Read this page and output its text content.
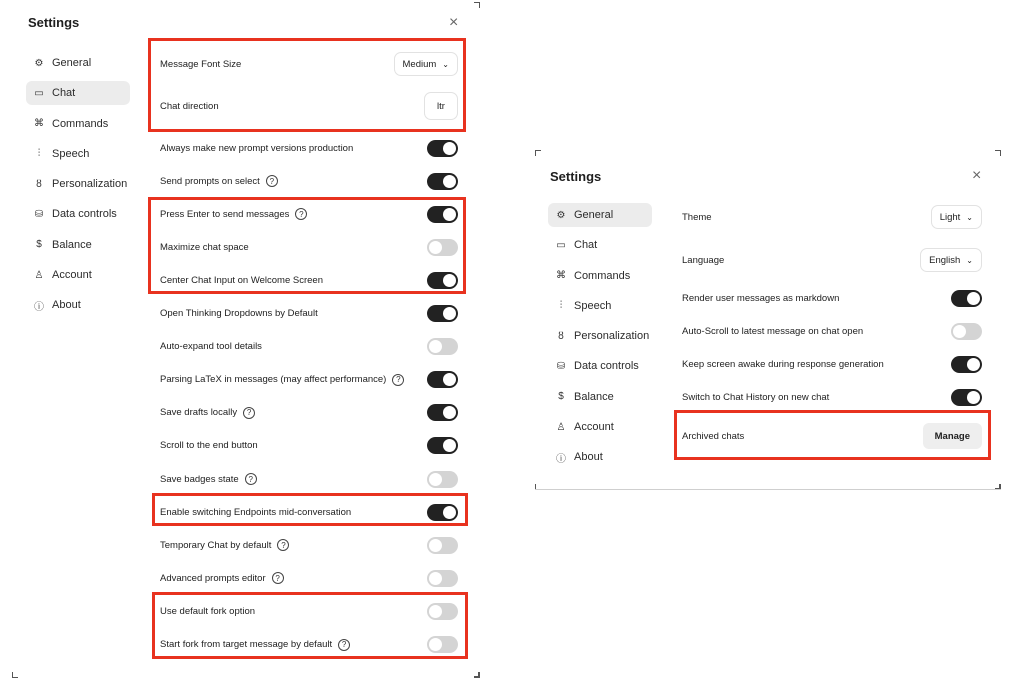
Settings	×
⚙ General
▭ Chat
⌘ Commands
⫶	Speech
ȣ Personalization
⛁ Data controls
$ Balance
♙ Account
ⓘ About
Message Font Size	Medium ⌄
Chat direction	ltr
Always make new prompt versions production
Send prompts on select	?
Press Enter to send messages	?
Maximize chat space
Center Chat Input on Welcome Screen
Open Thinking Dropdowns by Default
Auto-expand tool details
Parsing LaTeX in messages (may affect performance)	?
Save drafts locally	?
Scroll to the end button
Save badges state	?
Enable switching Endpoints mid-conversation
Temporary Chat by default	?
Advanced prompts editor	?
Use default fork option
Start fork from target message by default	?
Settings	×
⚙ General
▭ Chat
⌘ Commands
⫶	Speech
ȣ Personalization
⛁ Data controls
$ Balance
♙ Account
ⓘ About
Theme	Light ⌄
Language	English ⌄
Archived chats	Manage
Render user messages as markdown
Auto-Scroll to latest message on chat open
Keep screen awake during response generation
Switch to Chat History on new chat
